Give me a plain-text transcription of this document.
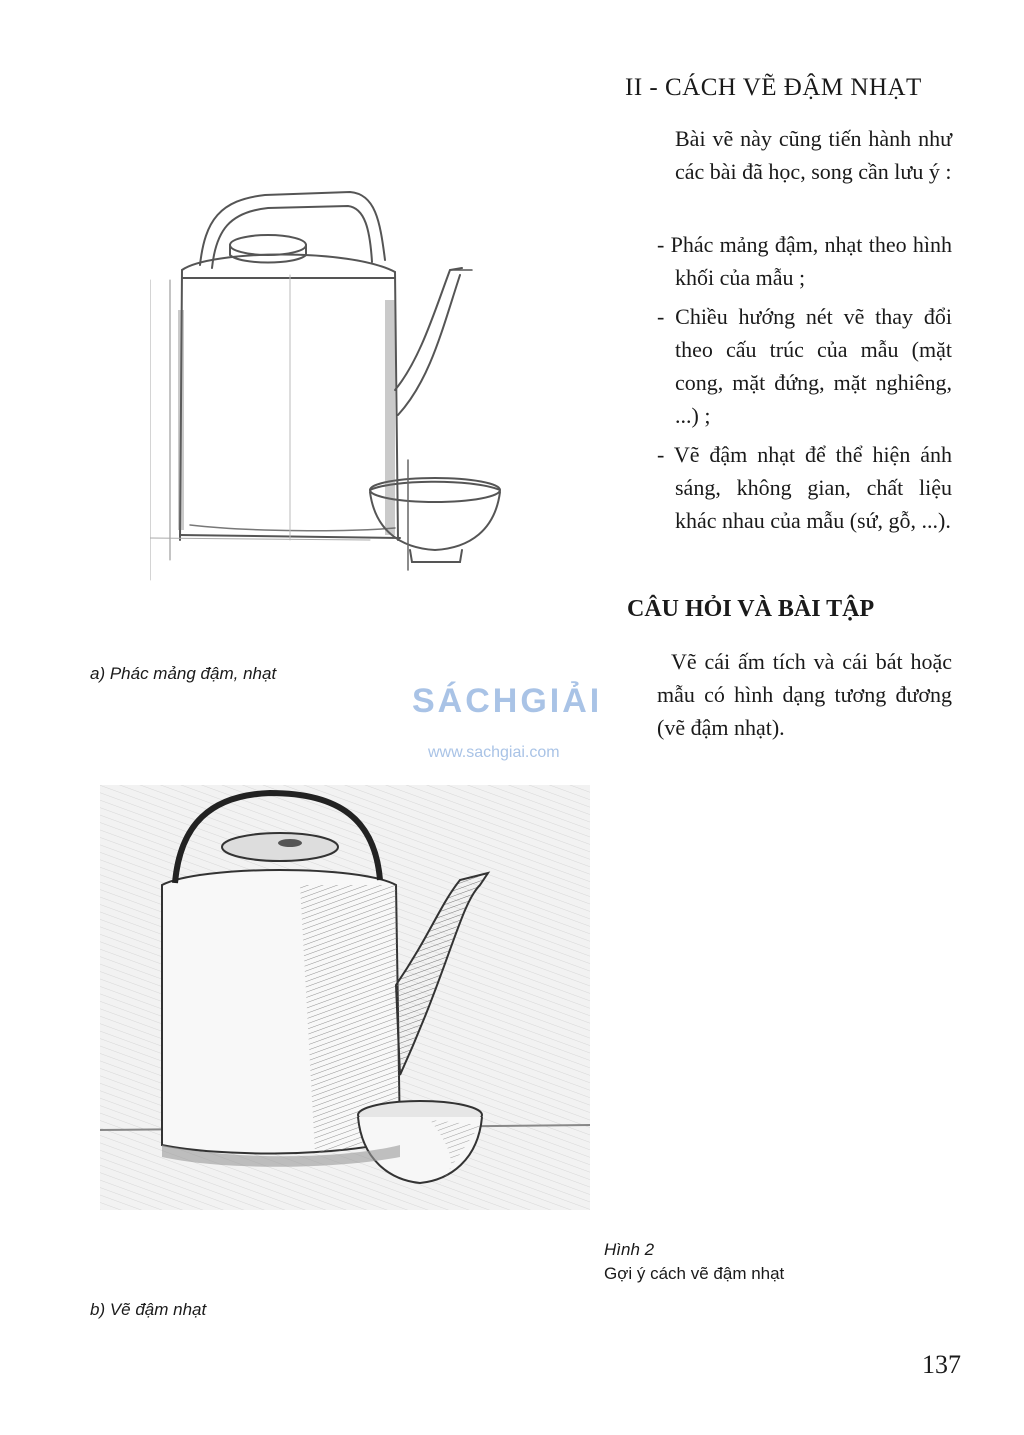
a) Phác mảng đậm, nhạt
SÁCHGIẢI
www.sachgiai.com
Hình 2
Gợi ý cách vẽ đậm nhạt
b) Vẽ đậm nhạt
II - CÁCH VẼ ĐẬM NHẠT
Bài vẽ này cũng tiến hành như các bài đã học, song cần lưu ý :
- Phác mảng đậm, nhạt theo hình khối của mẫu ;
- Chiều hướng nét vẽ thay đổi theo cấu trúc của mẫu (mặt cong, mặt đứng, mặt nghiêng, ...) ;
- Vẽ đậm nhạt để thể hiện ánh sáng, không gian, chất liệu khác nhau của mẫu (sứ, gỗ, ...).
CÂU HỎI VÀ BÀI TẬP
Vẽ cái ấm tích và cái bát hoặc mẫu có hình dạng tương đương (vẽ đậm nhạt).
137
